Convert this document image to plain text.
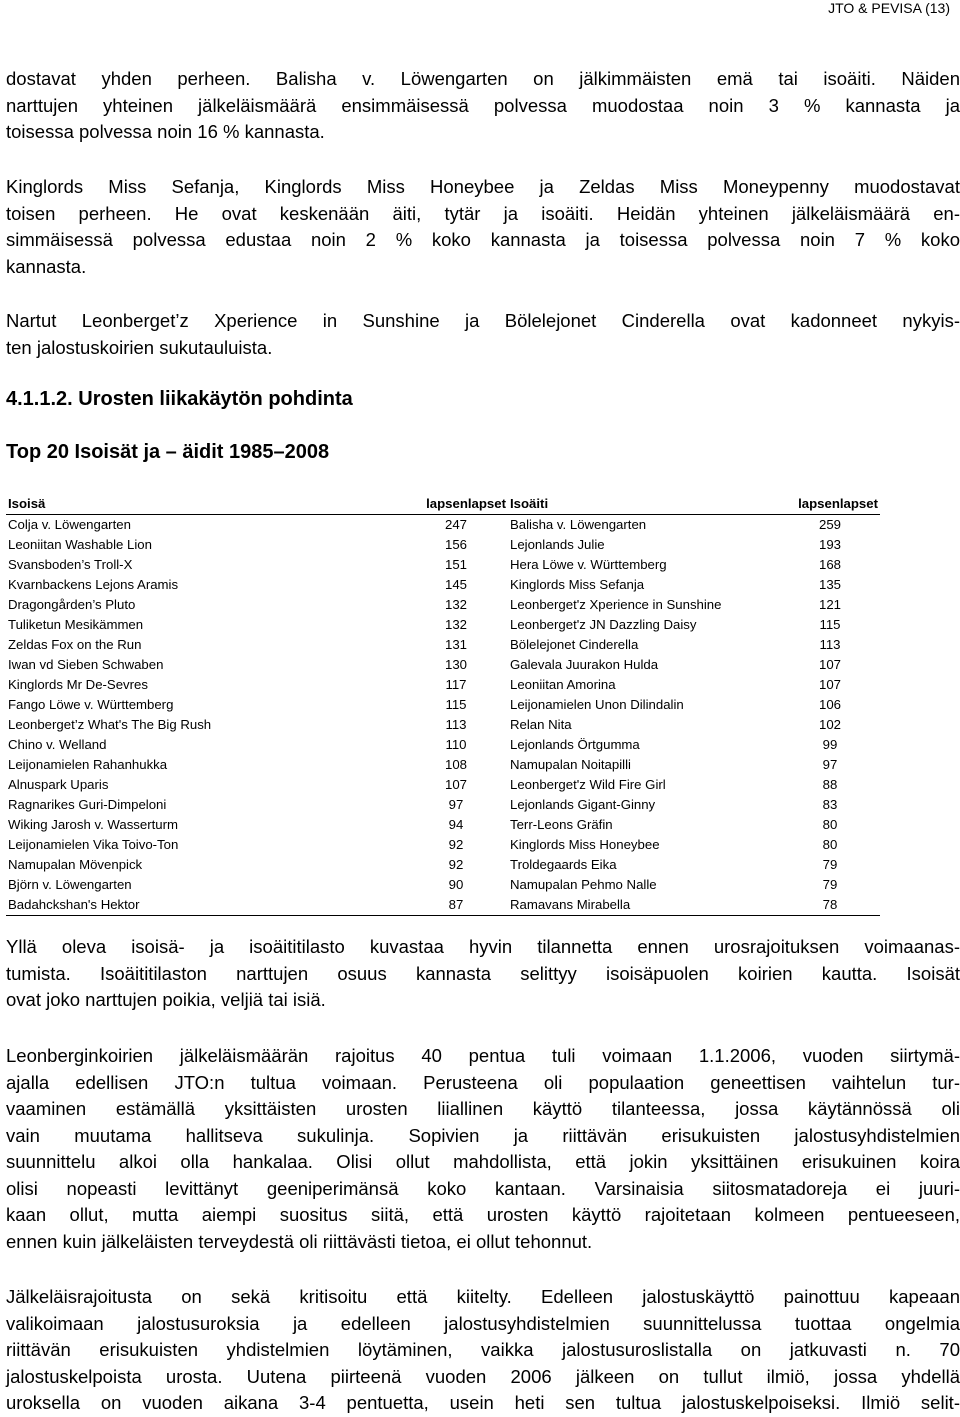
JTO & PEVISA (13)

dostavat yhden perheen. Balisha v. Löwengarten on jälkimmäisten emä tai isoäiti. Näiden

narttujen yhteinen jälkeläismäärä ensimmäisessä polvessa muodostaa noin 3 % kannasta ja

toisessa polvessa noin 16 % kannasta.

Kinglords Miss Sefanja, Kinglords Miss Honeybee ja Zeldas Miss Moneypenny muodostavat

toisen perheen. He ovat keskenään äiti, tytär ja isoäiti. Heidän yhteinen jälkeläismäärä en-

simmäisessä polvessa edustaa noin 2 % koko kannasta ja toisessa polvessa noin 7 % koko

kannasta.

Nartut Leonberget’z Xperience in Sunshine ja Bölelejonet Cinderella ovat kadonneet nykyis-

ten jalostuskoirien sukutauluista.

4.1.1.2. Urosten liikakäytön pohdinta
Top 20 Isoisät ja – äidit 1985–2008
Isoisä	lapsenlapset	Isoäiti	lapsenlapset
Colja v. Löwengarten	247	Balisha v. Löwengarten	259
Leoniitan Washable Lion	156	Lejonlands Julie	193
Svansboden’s Troll-X	151	Hera Löwe v. Württemberg	168
Kvarnbackens Lejons Aramis	145	Kinglords Miss Sefanja	135
Dragongården’s Pluto	132	Leonberget'z Xperience in Sunshine	121
Tuliketun Mesikämmen	132	Leonberget'z JN Dazzling Daisy	115
Zeldas Fox on the Run	131	Bölelejonet Cinderella	113
Iwan vd Sieben Schwaben	130	Galevala Juurakon Hulda	107
Kinglords Mr De-Sevres	117	Leoniitan Amorina	107
Fango Löwe v. Württemberg	115	Leijonamielen Unon Dilindalin	106
Leonberget’z What's The Big Rush	113	Relan Nita	102
Chino v. Welland	110	Lejonlands Örtgumma	99
Leijonamielen Rahanhukka	108	Namupalan Noitapilli	97
Alnuspark Uparis	107	Leonberget'z Wild Fire Girl	88
Ragnarikes Guri-Dimpeloni	97	Lejonlands Gigant-Ginny	83
Wiking Jarosh v. Wasserturm	94	Terr-Leons Gräfin	80
Leijonamielen Vika Toivo-Ton	92	Kinglords Miss Honeybee	80
Namupalan Mövenpick	92	Troldegaards Eika	79
Björn v. Löwengarten	90	Namupalan Pehmo Nalle	79
Badahckshan's Hektor	87	Ramavans Mirabella	78

Yllä oleva isoisä- ja isoäititilasto kuvastaa hyvin tilannetta ennen urosrajoituksen voimaanas-

tumista. Isoäititilaston narttujen osuus kannasta selittyy isoisäpuolen koirien kautta. Isoisät

ovat joko narttujen poikia, veljiä tai isiä.

Leonberginkoirien jälkeläismäärän rajoitus 40 pentua tuli voimaan 1.1.2006, vuoden siirtymä-

ajalla edellisen JTO:n tultua voimaan. Perusteena oli populaation geneettisen vaihtelun tur-

vaaminen estämällä yksittäisten urosten liiallinen käyttö tilanteessa, jossa käytännössä oli

vain muutama hallitseva sukulinja. Sopivien ja riittävän erisukuisten jalostusyhdistelmien

suunnittelu alkoi olla hankalaa. Olisi ollut mahdollista, että jokin yksittäinen erisukuinen koira

olisi nopeasti levittänyt geeniperimänsä koko kantaan. Varsinaisia siitosmatadoreja ei juuri-

kaan ollut, mutta aiempi suositus siitä, että urosten käyttö rajoitetaan kolmeen pentueeseen,

ennen kuin jälkeläisten terveydestä oli riittävästi tietoa, ei ollut tehonnut.

Jälkeläisrajoitusta on sekä kritisoitu että kiitelty. Edelleen jalostuskäyttö painottuu kapeaan

valikoimaan jalostusuroksia ja edelleen jalostusyhdistelmien suunnittelussa tuottaa ongelmia

riittävän erisukuisten yhdistelmien löytäminen, vaikka jalostusuroslistalla on jatkuvasti n. 70

jalostuskelpoista urosta. Uutena piirteenä vuoden 2006 jälkeen on tullut ilmiö, jossa yhdellä

uroksella on vuoden aikana 3-4 pentuetta, usein heti sen tultua jalostuskelpoiseksi. Ilmiö selit-
